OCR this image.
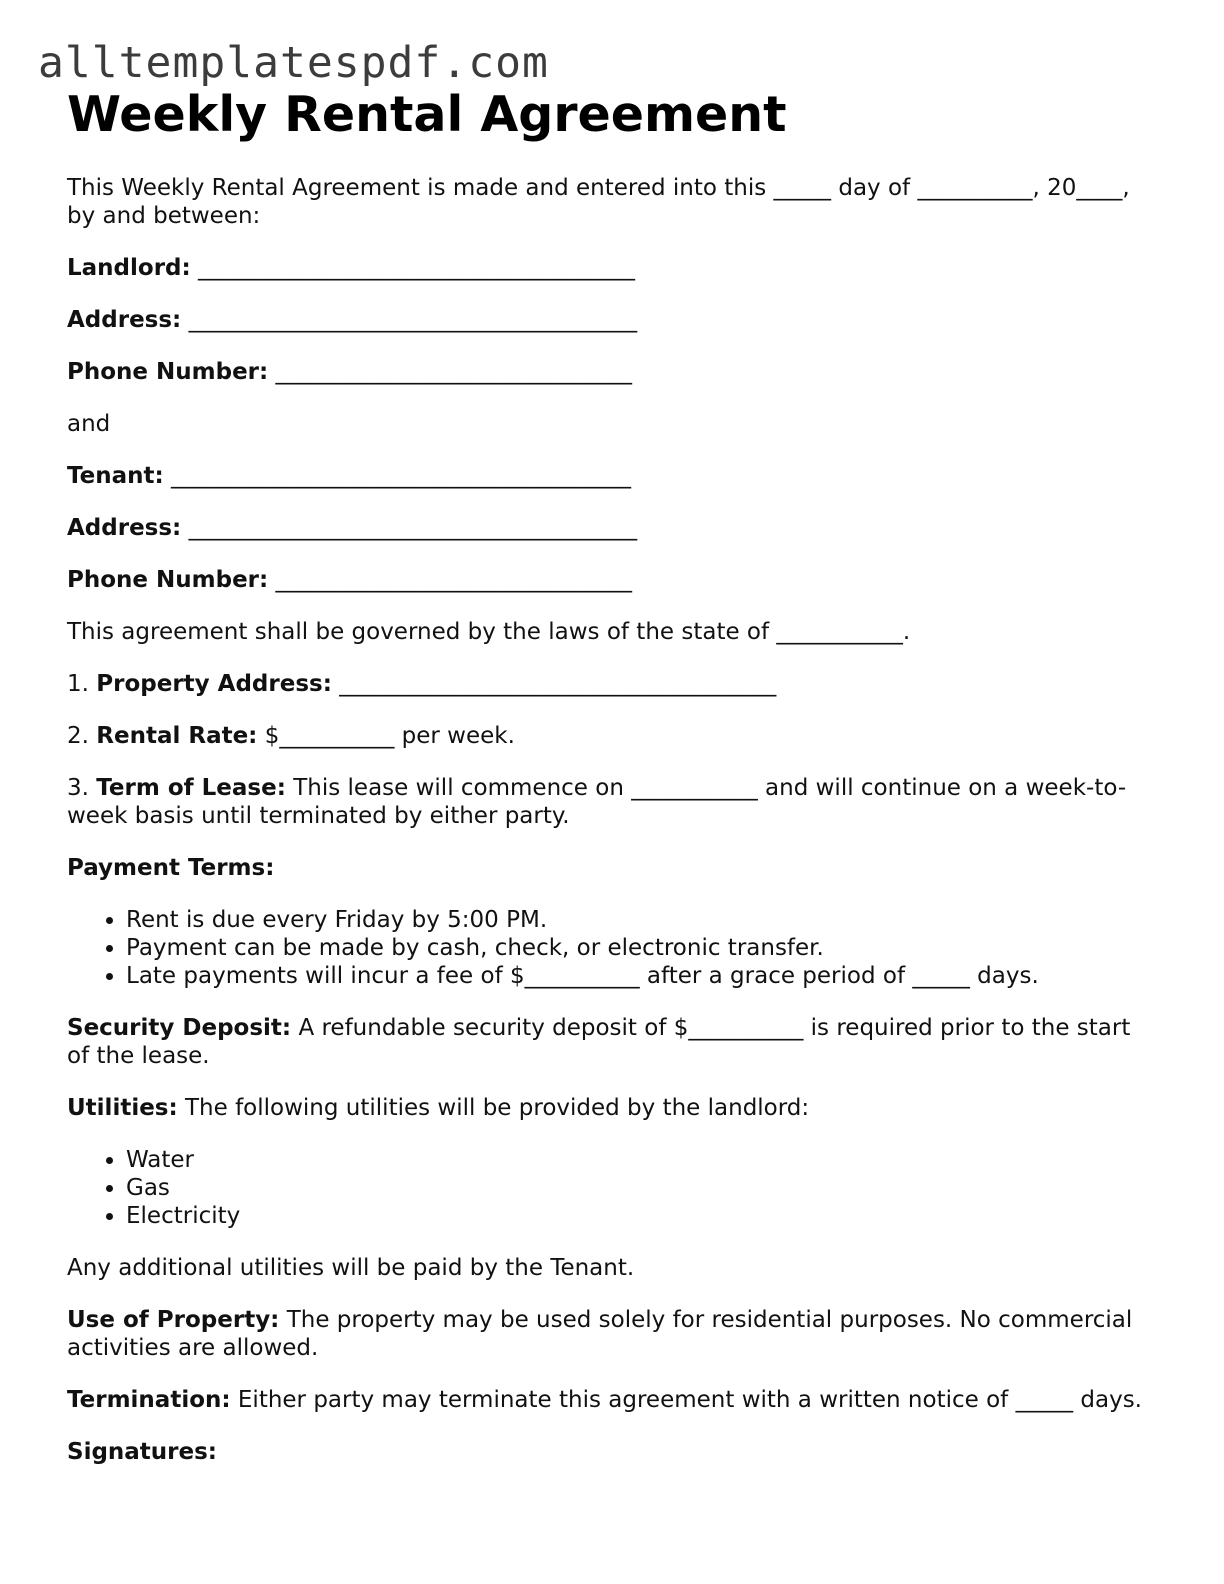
alltemplatespdf.com
Weekly Rental Agreement

This Weekly Rental Agreement is made and entered into this _____ day of __________, 20____, by and between:

Landlord: ______________________________________

Address: _______________________________________

Phone Number: _______________________________

and

Tenant: ________________________________________

Address: _______________________________________

Phone Number: _______________________________

This agreement shall be governed by the laws of the state of ___________.

1. Property Address: ______________________________________

2. Rental Rate: $__________ per week.

3. Term of Lease: This lease will commence on ___________ and will continue on a week-to-week basis until terminated by either party.

Payment Terms:

• Rent is due every Friday by 5:00 PM.
• Payment can be made by cash, check, or electronic transfer.
• Late payments will incur a fee of $__________ after a grace period of _____ days.

Security Deposit: A refundable security deposit of $__________ is required prior to the start of the lease.

Utilities: The following utilities will be provided by the landlord:

• Water
• Gas
• Electricity

Any additional utilities will be paid by the Tenant.

Use of Property: The property may be used solely for residential purposes. No commercial activities are allowed.

Termination: Either party may terminate this agreement with a written notice of _____ days.

Signatures:
